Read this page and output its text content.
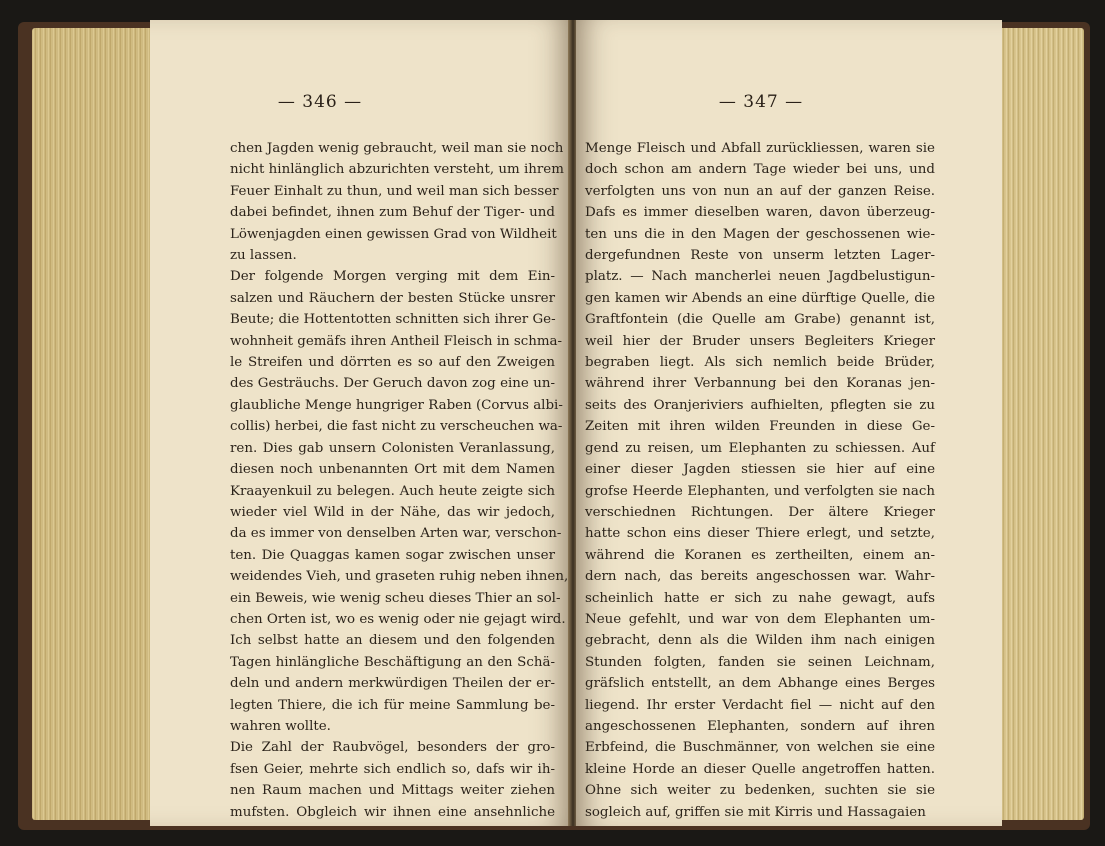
— 346 —
chen Jagden wenig gebraucht, weil man sie noch
nicht hinlänglich abzurichten versteht, um ihrem
Feuer Einhalt zu thun, und weil man sich besser
dabei befindet, ihnen zum Behuf der Tiger- und
Löwenjagden einen gewissen Grad von Wildheit
zu lassen.
Der folgende Morgen verging mit dem Ein-
salzen und Räuchern der besten Stücke unsrer
Beute; die Hottentotten schnitten sich ihrer Ge-
wohnheit gemäfs ihren Antheil Fleisch in schma-
le Streifen und dörrten es so auf den Zweigen
des Gesträuchs. Der Geruch davon zog eine un-
glaubliche Menge hungriger Raben (Corvus albi-
collis) herbei, die fast nicht zu verscheuchen wa-
ren. Dies gab unsern Colonisten Veranlassung,
diesen noch unbenannten Ort mit dem Namen
Kraayenkuil zu belegen. Auch heute zeigte sich
wieder viel Wild in der Nähe, das wir jedoch,
da es immer von denselben Arten war, verschon-
ten. Die Quaggas kamen sogar zwischen unser
weidendes Vieh, und graseten ruhig neben ihnen,
ein Beweis, wie wenig scheu dieses Thier an sol-
chen Orten ist, wo es wenig oder nie gejagt wird.
Ich selbst hatte an diesem und den folgenden
Tagen hinlängliche Beschäftigung an den Schä-
deln und andern merkwürdigen Theilen der er-
legten Thiere, die ich für meine Sammlung be-
wahren wollte.
Die Zahl der Raubvögel, besonders der gro-
fsen Geier, mehrte sich endlich so, dafs wir ih-
nen Raum machen und Mittags weiter ziehen
mufsten. Obgleich wir ihnen eine ansehnliche
— 347 —
Menge Fleisch und Abfall zurückliessen, waren sie
doch schon am andern Tage wieder bei uns, und
verfolgten uns von nun an auf der ganzen Reise.
Dafs es immer dieselben waren, davon überzeug-
ten uns die in den Magen der geschossenen wie-
dergefundnen Reste von unserm letzten Lager-
platz. — Nach mancherlei neuen Jagdbelustigun-
gen kamen wir Abends an eine dürftige Quelle, die
Graftfontein (die Quelle am Grabe) genannt ist,
weil hier der Bruder unsers Begleiters Krieger
begraben liegt. Als sich nemlich beide Brüder,
während ihrer Verbannung bei den Koranas jen-
seits des Oranjeriviers aufhielten, pflegten sie zu
Zeiten mit ihren wilden Freunden in diese Ge-
gend zu reisen, um Elephanten zu schiessen. Auf
einer dieser Jagden stiessen sie hier auf eine
grofse Heerde Elephanten, und verfolgten sie nach
verschiednen Richtungen. Der ältere Krieger
hatte schon eins dieser Thiere erlegt, und setzte,
während die Koranen es zertheilten, einem an-
dern nach, das bereits angeschossen war. Wahr-
scheinlich hatte er sich zu nahe gewagt, aufs
Neue gefehlt, und war von dem Elephanten um-
gebracht, denn als die Wilden ihm nach einigen
Stunden folgten, fanden sie seinen Leichnam,
gräfslich entstellt, an dem Abhange eines Berges
liegend. Ihr erster Verdacht fiel — nicht auf den
angeschossenen Elephanten, sondern auf ihren
Erbfeind, die Buschmänner, von welchen sie eine
kleine Horde an dieser Quelle angetroffen hatten.
Ohne sich weiter zu bedenken, suchten sie sie
sogleich auf, griffen sie mit Kirris und Hassagaien
